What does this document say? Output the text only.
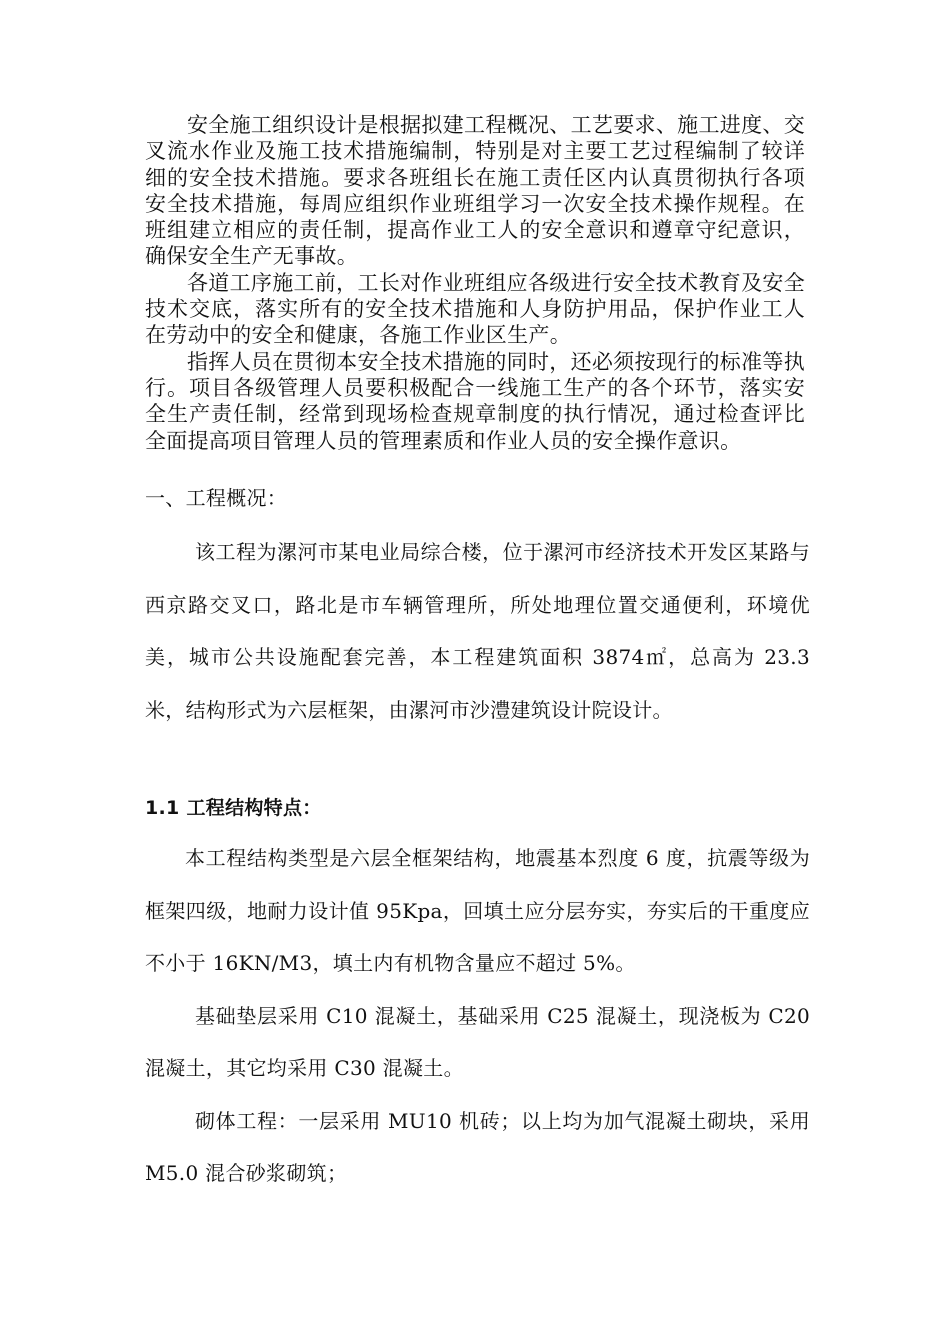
安全施工组织设计是根据拟建工程概况、工艺要求、施工进度、交叉流水作业及施工技术措施编制，特别是对主要工艺过程编制了较详细的安全技术措施。要求各班组长在施工责任区内认真贯彻执行各项安全技术措施，每周应组织作业班组学习一次安全技术操作规程。在班组建立相应的责任制，提高作业工人的安全意识和遵章守纪意识，确保安全生产无事故。

各道工序施工前，工长对作业班组应各级进行安全技术教育及安全技术交底，落实所有的安全技术措施和人身防护用品，保护作业工人在劳动中的安全和健康，各施工作业区生产。

指挥人员在贯彻本安全技术措施的同时，还必须按现行的标准等执行。项目各级管理人员要积极配合一线施工生产的各个环节，落实安全生产责任制，经常到现场检查规章制度的执行情况，通过检查评比全面提高项目管理人员的管理素质和作业人员的安全操作意识。

一、工程概况：

该工程为漯河市某电业局综合楼，位于漯河市经济技术开发区某路与西京路交叉口，路北是市车辆管理所，所处地理位置交通便利，环境优美，城市公共设施配套完善，本工程建筑面积 3874㎡，总高为 23.3 米，结构形式为六层框架，由漯河市沙澧建筑设计院设计。

1.1 工程结构特点：

本工程结构类型是六层全框架结构，地震基本烈度 6 度，抗震等级为框架四级，地耐力设计值 95Kpa，回填土应分层夯实，夯实后的干重度应不小于 16KN/M3，填土内有机物含量应不超过 5%。

基础垫层采用 C10 混凝土，基础采用 C25 混凝土，现浇板为 C20 混凝土，其它均采用 C30 混凝土。

砌体工程：一层采用 MU10 机砖；以上均为加气混凝土砌块，采用 M5.0 混合砂浆砌筑；
